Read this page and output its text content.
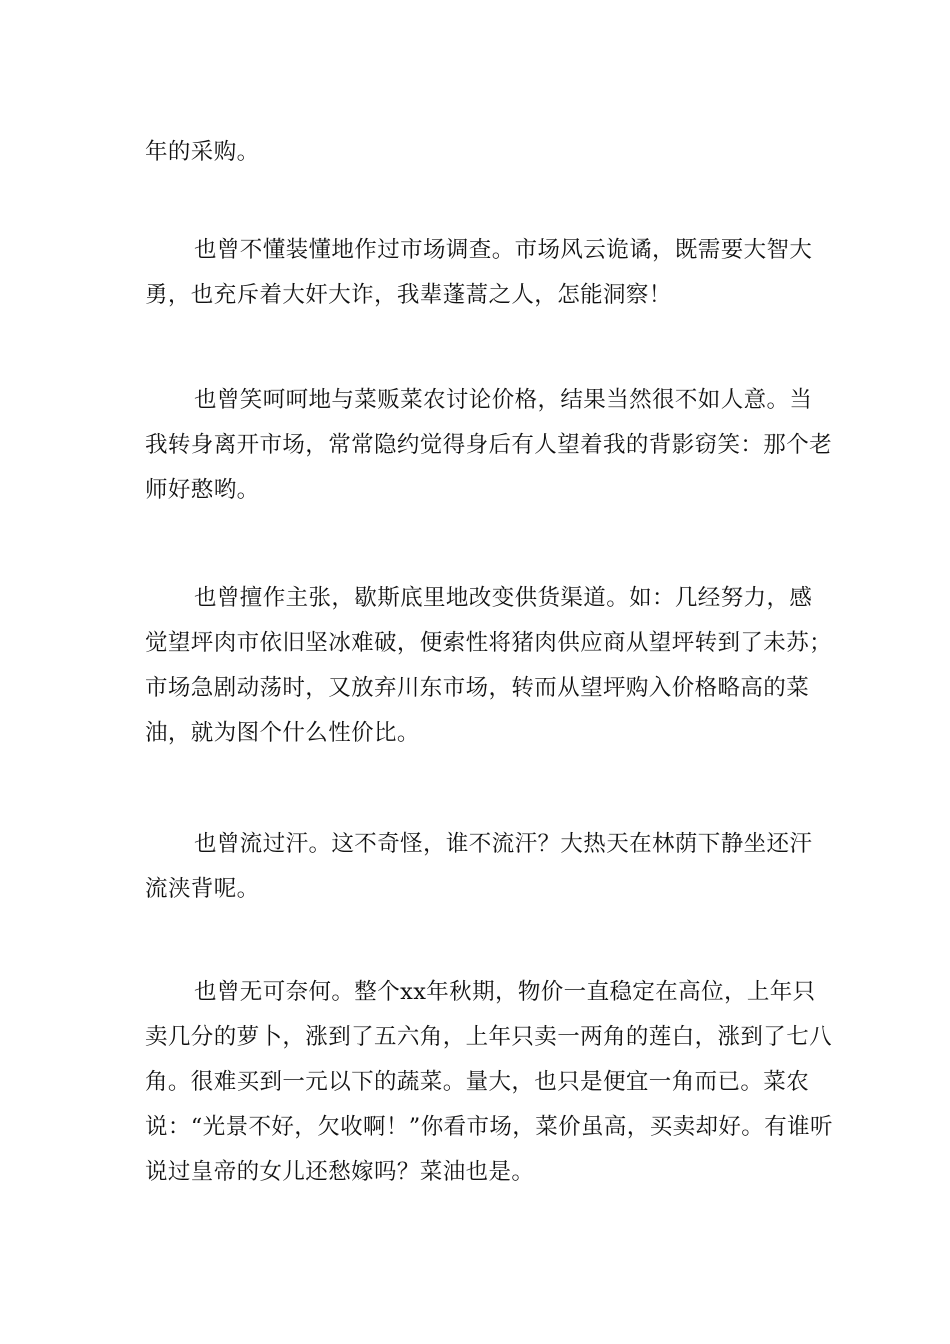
年的采购。

也曾不懂装懂地作过市场调查。市场风云诡谲，既需要大智大勇，也充斥着大奸大诈，我辈蓬蒿之人，怎能洞察！

也曾笑呵呵地与菜贩菜农讨论价格，结果当然很不如人意。当我转身离开市场，常常隐约觉得身后有人望着我的背影窃笑：那个老师好憨哟。

也曾擅作主张，歇斯底里地改变供货渠道。如：几经努力，感觉望坪肉市依旧坚冰难破，便索性将猪肉供应商从望坪转到了未苏；市场急剧动荡时，又放弃川东市场，转而从望坪购入价格略高的菜油，就为图个什么性价比。

也曾流过汗。这不奇怪，谁不流汗？大热天在林荫下静坐还汗流浃背呢。

也曾无可奈何。整个xx年秋期，物价一直稳定在高位，上年只卖几分的萝卜，涨到了五六角，上年只卖一两角的莲白，涨到了七八角。很难买到一元以下的蔬菜。量大，也只是便宜一角而已。菜农说：“光景不好，欠收啊！”你看市场，菜价虽高，买卖却好。有谁听说过皇帝的女儿还愁嫁吗？菜油也是。
